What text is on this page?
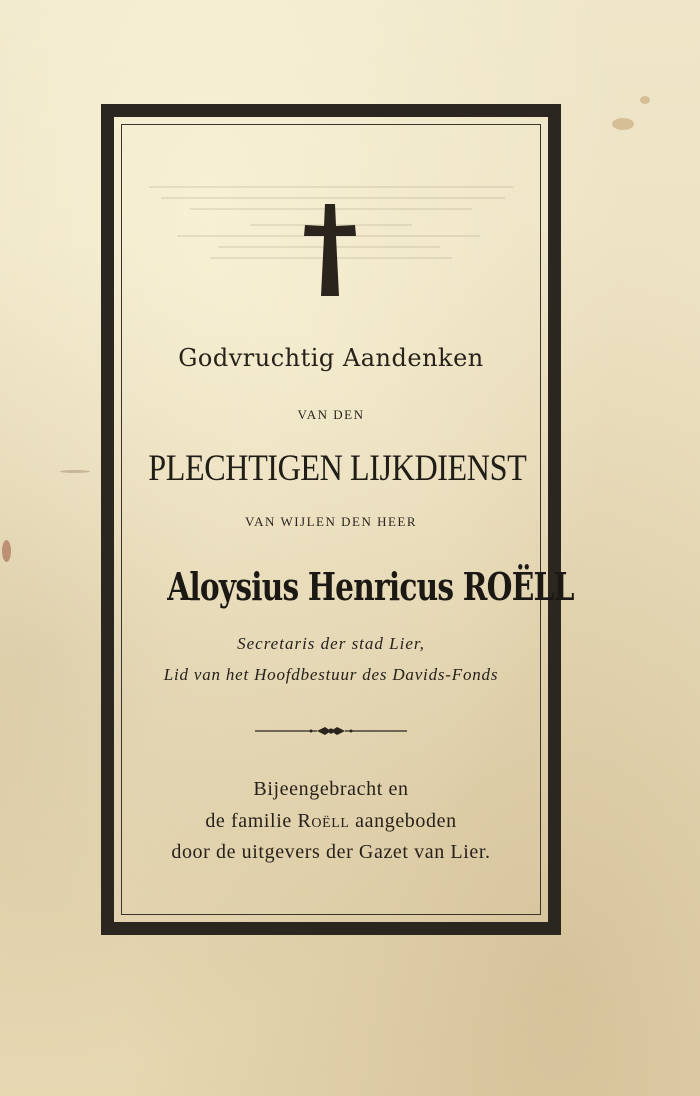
Godvruchtig Aandenken
VAN DEN
PLECHTIGEN LIJKDIENST
VAN WIJLEN DEN HEER
Aloysius Henricus ROËLL
Secretaris der stad Lier,
Lid van het Hoofdbestuur des Davids-Fonds
Bijeengebracht en
de familie Roëll aangeboden
door de uitgevers der Gazet van Lier.
